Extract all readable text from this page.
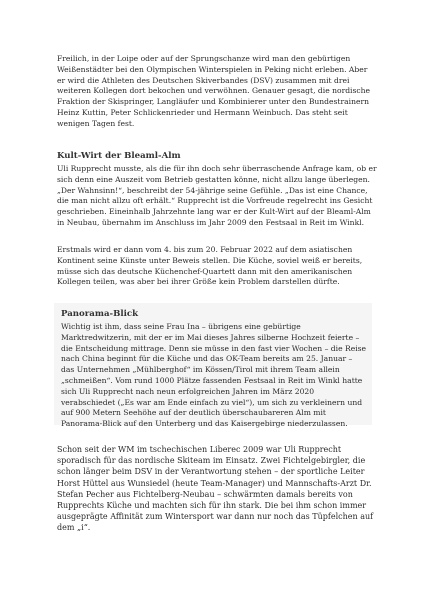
Freilich, in der Loipe oder auf der Sprungschanze wird man den gebürtigen Weißenstädter bei den Olympischen Winterspielen in Peking nicht erleben. Aber er wird die Athleten des Deutschen Skiverbandes (DSV) zusammen mit drei weiteren Kollegen dort bekochen und verwöhnen. Genauer gesagt, die nordische Fraktion der Skispringer, Langläufer und Kombinierer unter den Bundestrainern Heinz Kuttin, Peter Schlickenrieder und Hermann Weinbuch. Das steht seit wenigen Tagen fest.

Kult-Wirt der Bleaml-Alm

Uli Rupprecht musste, als die für ihn doch sehr überraschende Anfrage kam, ob er sich denn eine Auszeit vom Betrieb gestatten könne, nicht allzu lange überlegen. „Der Wahnsinn!“, beschreibt der 54-jährige seine Gefühle. „Das ist eine Chance, die man nicht allzu oft erhält.“ Rupprecht ist die Vorfreude regelrecht ins Gesicht geschrieben. Eineinhalb Jahrzehnte lang war er der Kult-Wirt auf der Bleaml-Alm in Neubau, übernahm im Anschluss im Jahr 2009 den Festsaal in Reit im Winkl.

Erstmals wird er dann vom 4. bis zum 20. Februar 2022 auf dem asiatischen Kontinent seine Künste unter Beweis stellen. Die Küche, soviel weiß er bereits, müsse sich das deutsche Küchenchef-Quartett dann mit den amerikanischen Kollegen teilen, was aber bei ihrer Größe kein Problem darstellen dürfte.

Panorama-Blick

Wichtig ist ihm, dass seine Frau Ina – übrigens eine gebürtige Marktredwitzerin, mit der er im Mai dieses Jahres silberne Hochzeit feierte – die Entscheidung mittrage. Denn sie müsse in den fast vier Wochen – die Reise nach China beginnt für die Küche und das OK-Team bereits am 25. Januar – das Unternehmen „Mühlberghof“ im Kössen/Tirol mit ihrem Team allein „schmeißen“. Vom rund 1000 Plätze fassenden Festsaal in Reit im Winkl hatte sich Uli Rupprecht nach neun erfolgreichen Jahren im März 2020 verabschiedet („Es war am Ende einfach zu viel“), um sich zu verkleinern und auf 900 Metern Seehöhe auf der deutlich überschaubareren Alm mit Panorama-Blick auf den Unterberg und das Kaisergebirge niederzulassen.

Schon seit der WM im tschechischen Liberec 2009 war Uli Rupprecht sporadisch für das nordische Skiteam im Einsatz. Zwei Fichtelgebirgler, die schon länger beim DSV in der Verantwortung stehen – der sportliche Leiter Horst Hüttel aus Wunsiedel (heute Team-Manager) und Mannschafts-Arzt Dr. Stefan Pecher aus Fichtelberg-Neubau – schwärmten damals bereits von Rupprechts Küche und machten sich für ihn stark. Die bei ihm schon immer ausgeprägte Affinität zum Wintersport war dann nur noch das Tüpfelchen auf dem „i“.
